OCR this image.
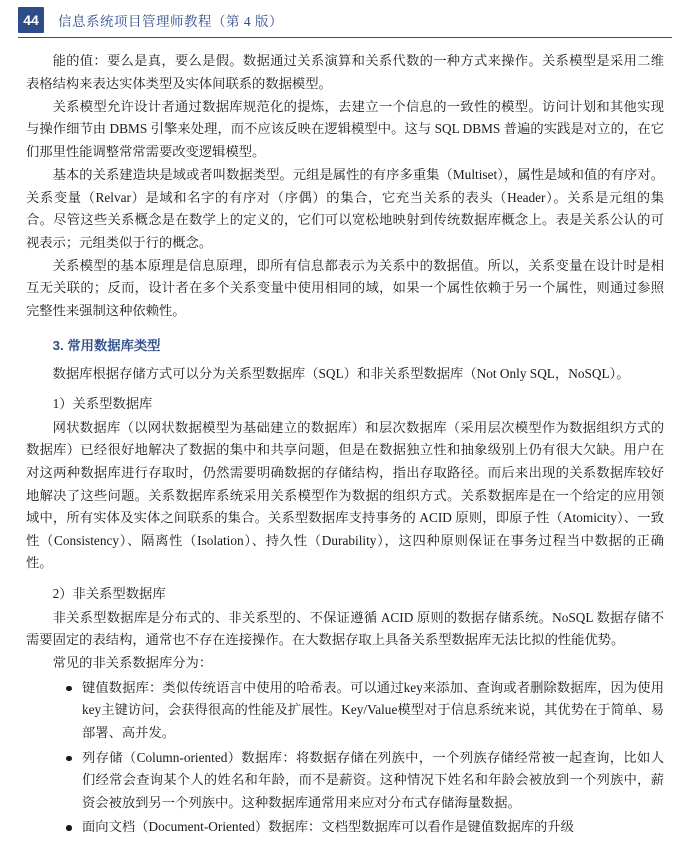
44	信息系统项目管理师教程（第 4 版）

能的值：要么是真，要么是假。数据通过关系演算和关系代数的一种方式来操作。关系模型是采用二维表格结构来表达实体类型及实体间联系的数据模型。

关系模型允许设计者通过数据库规范化的提炼，去建立一个信息的一致性的模型。访问计划和其他实现与操作细节由 DBMS 引擎来处理，而不应该反映在逻辑模型中。这与 SQL DBMS 普遍的实践是对立的，在它们那里性能调整常常需要改变逻辑模型。

基本的关系建造块是域或者叫数据类型。元组是属性的有序多重集（Multiset），属性是域和值的有序对。关系变量（Relvar）是域和名字的有序对（序偶）的集合，它充当关系的表头（Header）。关系是元组的集合。尽管这些关系概念是在数学上的定义的，它们可以宽松地映射到传统数据库概念上。表是关系公认的可视表示；元组类似于行的概念。

关系模型的基本原理是信息原理，即所有信息都表示为关系中的数据值。所以，关系变量在设计时是相互无关联的；反而，设计者在多个关系变量中使用相同的域，如果一个属性依赖于另一个属性，则通过参照完整性来强制这种依赖性。

3. 常用数据库类型

数据库根据存储方式可以分为关系型数据库（SQL）和非关系型数据库（Not Only SQL，NoSQL）。

1）关系型数据库

网状数据库（以网状数据模型为基础建立的数据库）和层次数据库（采用层次模型作为数据组织方式的数据库）已经很好地解决了数据的集中和共享问题，但是在数据独立性和抽象级别上仍有很大欠缺。用户在对这两种数据库进行存取时，仍然需要明确数据的存储结构，指出存取路径。而后来出现的关系数据库较好地解决了这些问题。关系数据库系统采用关系模型作为数据的组织方式。关系数据库是在一个给定的应用领域中，所有实体及实体之间联系的集合。关系型数据库支持事务的 ACID 原则，即原子性（Atomicity）、一致性（Consistency）、隔离性（Isolation）、持久性（Durability），这四种原则保证在事务过程当中数据的正确性。

2）非关系型数据库

非关系型数据库是分布式的、非关系型的、不保证遵循 ACID 原则的数据存储系统。NoSQL 数据存储不需要固定的表结构，通常也不存在连接操作。在大数据存取上具备关系型数据库无法比拟的性能优势。

常见的非关系数据库分为：

键值数据库：类似传统语言中使用的哈希表。可以通过key来添加、查询或者删除数据库，因为使用key主键访问，会获得很高的性能及扩展性。Key/Value模型对于信息系统来说，其优势在于简单、易部署、高并发。
列存储（Column-oriented）数据库：将数据存储在列族中，一个列族存储经常被一起查询，比如人们经常会查询某个人的姓名和年龄，而不是薪资。这种情况下姓名和年龄会被放到一个列族中，薪资会被放到另一个列族中。这种数据库通常用来应对分布式存储海量数据。
面向文档（Document-Oriented）数据库：文档型数据库可以看作是键值数据库的升级
